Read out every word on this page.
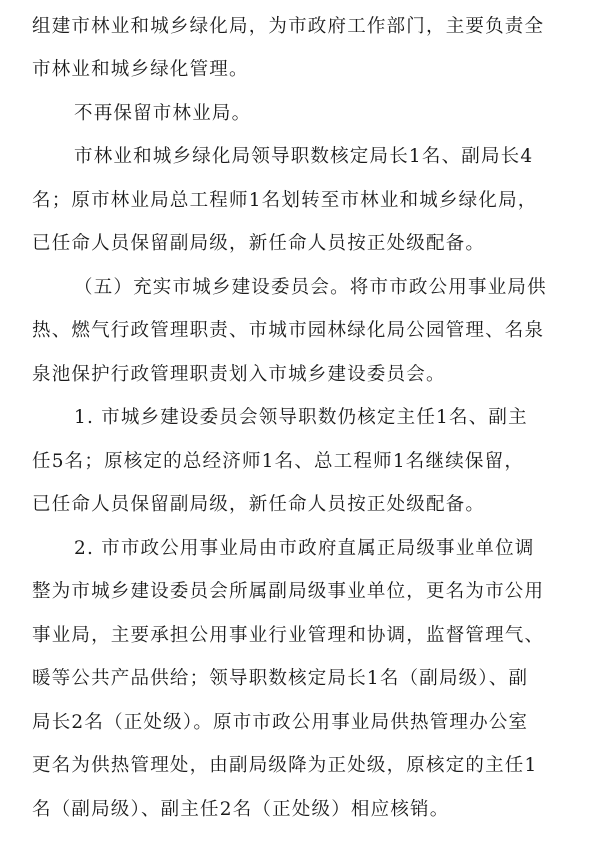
组建市林业和城乡绿化局，为市政府工作部门，主要负责全
市林业和城乡绿化管理。
不再保留市林业局。
市林业和城乡绿化局领导职数核定局长1名、副局长4
名；原市林业局总工程师1名划转至市林业和城乡绿化局，
已任命人员保留副局级，新任命人员按正处级配备。
（五）充实市城乡建设委员会。将市市政公用事业局供
热、燃气行政管理职责、市城市园林绿化局公园管理、名泉
泉池保护行政管理职责划入市城乡建设委员会。
1. 市城乡建设委员会领导职数仍核定主任1名、副主
任5名；原核定的总经济师1名、总工程师1名继续保留，
已任命人员保留副局级，新任命人员按正处级配备。
2. 市市政公用事业局由市政府直属正局级事业单位调
整为市城乡建设委员会所属副局级事业单位，更名为市公用
事业局，主要承担公用事业行业管理和协调，监督管理气、
暖等公共产品供给；领导职数核定局长1名（副局级）、副
局长2名（正处级）。原市市政公用事业局供热管理办公室
更名为供热管理处，由副局级降为正处级，原核定的主任1
名（副局级）、副主任2名（正处级）相应核销。
